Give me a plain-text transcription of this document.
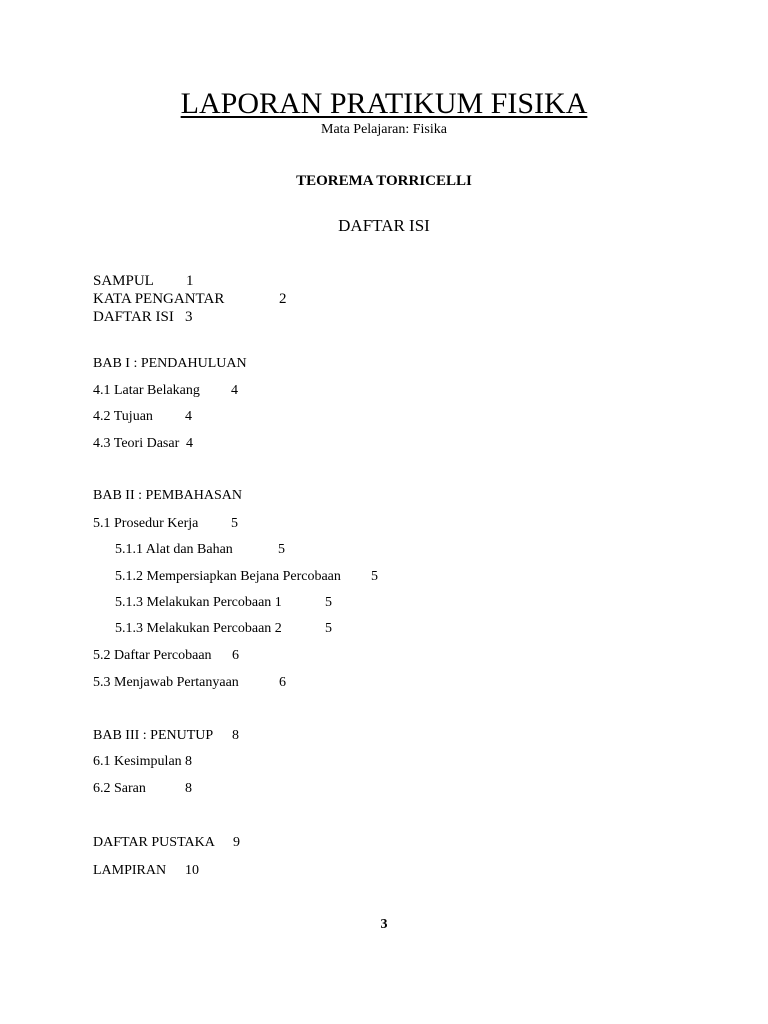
LAPORAN PRATIKUM FISIKA
Mata Pelajaran: Fisika
TEOREMA TORRICELLI
DAFTAR ISI
SAMPUL 1
KATA PENGANTAR	2
DAFTAR ISI 3
BAB I : PENDAHULUAN
4.1 Latar Belakang 4
4.2 Tujuan 4
4.3 Teori Dasar 4
BAB II : PEMBAHASAN
5.1 Prosedur Kerja 5
5.1.1 Alat dan Bahan	5
5.1.2 Mempersiapkan Bejana Percobaan 5
5.1.3 Melakukan Percobaan 1	5
5.1.3 Melakukan Percobaan 2	5
5.2 Daftar Percobaan 6
5.3 Menjawab Pertanyaan	6
BAB III : PENUTUP 8
6.1 Kesimpulan 8
6.2 Saran	8
DAFTAR PUSTAKA 9
LAMPIRAN 10
3
